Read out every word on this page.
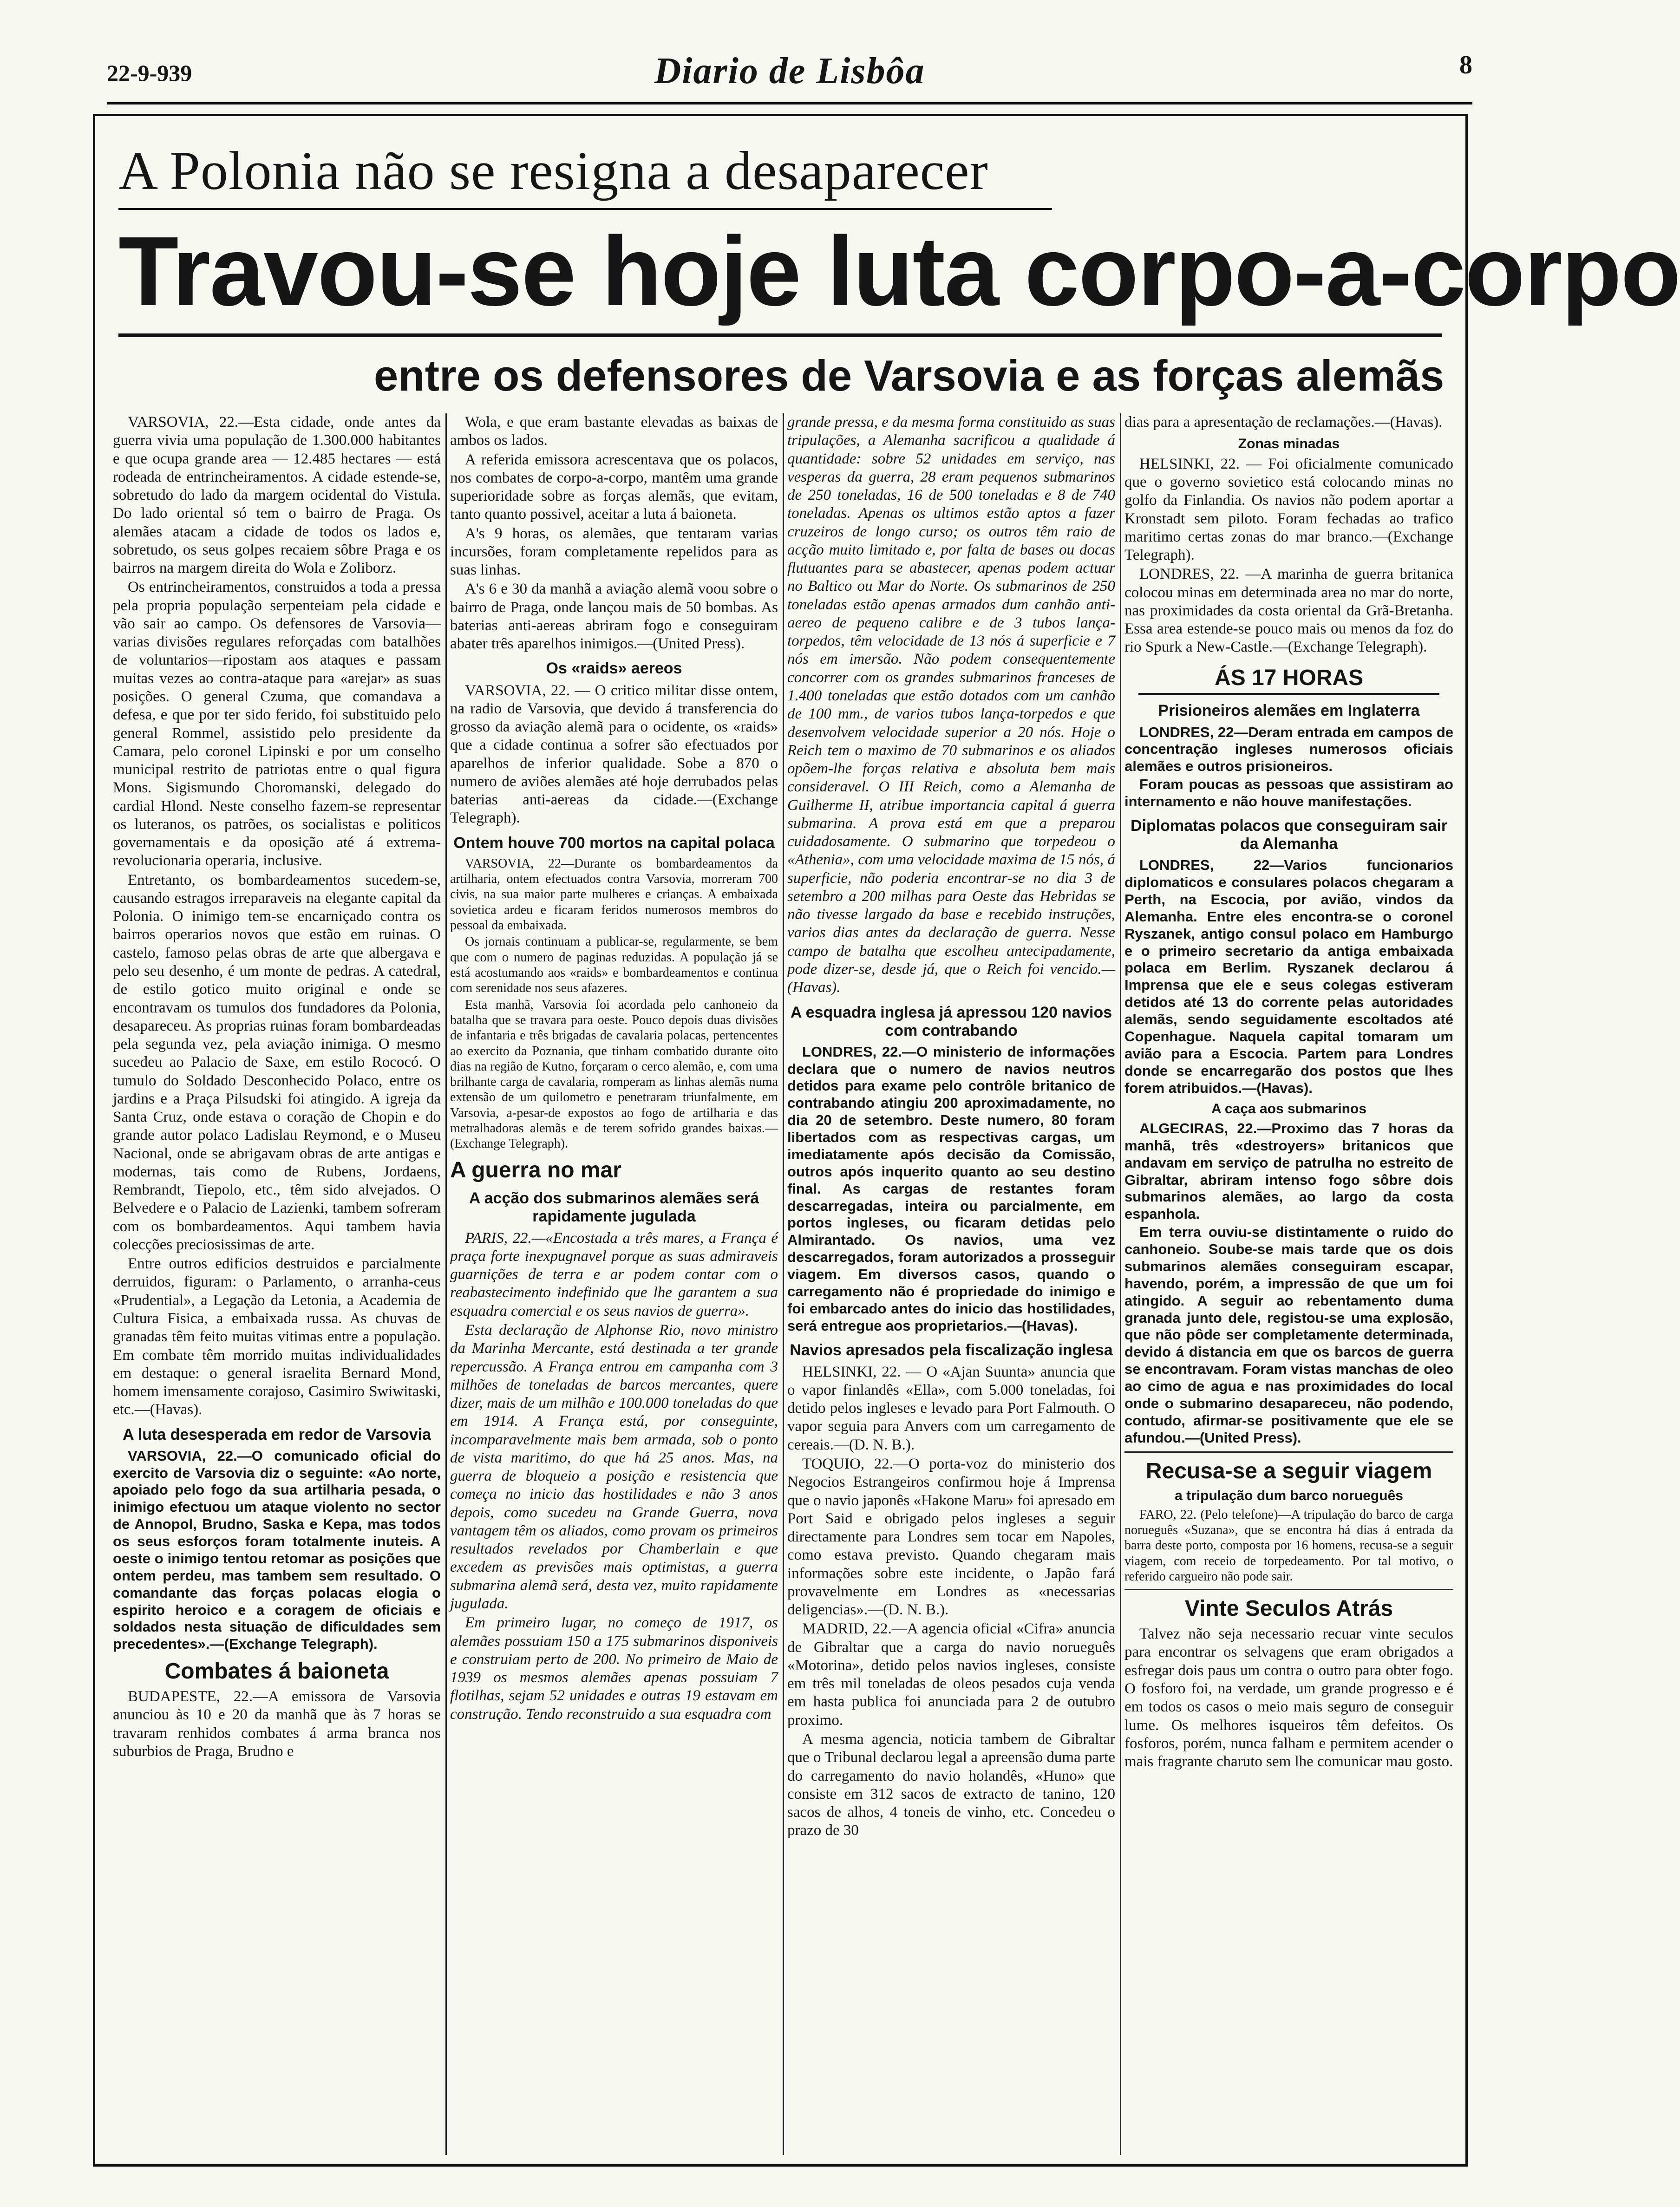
22-9-939	Diario de Lisbôa	8
A Polonia não se resigna a desaparecer
Travou-se hoje luta corpo-a-corpo
entre os defensores de Varsovia e as forças alemãs

VARSOVIA, 22.—Esta cidade, onde antes da guerra vivia uma população de 1.300.000 habitantes e que ocupa grande area — 12.485 hectares — está rodeada de entrincheiramentos. A cidade estende-se, sobretudo do lado da margem ocidental do Vistula. Do lado oriental só tem o bairro de Praga. Os alemães atacam a cidade de todos os lados e, sobretudo, os seus golpes recaiem sôbre Praga e os bairros na margem direita do Wola e Zoliborz.

Os entrincheiramentos, construidos a toda a pressa pela propria população serpenteiam pela cidade e vão sair ao campo. Os defensores de Varsovia—varias divisões regulares reforçadas com batalhões de voluntarios—ripostam aos ataques e passam muitas vezes ao contra-ataque para «arejar» as suas posições. O general Czuma, que comandava a defesa, e que por ter sido ferido, foi substituido pelo general Rommel, assistido pelo presidente da Camara, pelo coronel Lipinski e por um conselho municipal restrito de patriotas entre o qual figura Mons. Sigismundo Choromanski, delegado do cardial Hlond. Neste conselho fazem-se representar os luteranos, os patrões, os socialistas e politicos governamentais e da oposição até á extrema-revolucionaria operaria, inclusive.

Entretanto, os bombardeamentos sucedem-se, causando estragos irreparaveis na elegante capital da Polonia. O inimigo tem-se encarniçado contra os bairros operarios novos que estão em ruinas. O castelo, famoso pelas obras de arte que albergava e pelo seu desenho, é um monte de pedras. A catedral, de estilo gotico muito original e onde se encontravam os tumulos dos fundadores da Polonia, desapareceu. As proprias ruinas foram bombardeadas pela segunda vez, pela aviação inimiga. O mesmo sucedeu ao Palacio de Saxe, em estilo Rococó. O tumulo do Soldado Desconhecido Polaco, entre os jardins e a Praça Pilsudski foi atingido. A igreja da Santa Cruz, onde estava o coração de Chopin e do grande autor polaco Ladislau Reymond, e o Museu Nacional, onde se abrigavam obras de arte antigas e modernas, tais como de Rubens, Jordaens, Rembrandt, Tiepolo, etc., têm sido alvejados. O Belvedere e o Palacio de Lazienki, tambem sofreram com os bombardeamentos. Aqui tambem havia colecções preciosissimas de arte.

Entre outros edificios destruidos e parcialmente derruidos, figuram: o Parlamento, o arranha-ceus «Prudential», a Legação da Letonia, a Academia de Cultura Fisica, a embaixada russa. As chuvas de granadas têm feito muitas vitimas entre a população. Em combate têm morrido muitas individualidades em destaque: o general israelita Bernard Mond, homem imensamente corajoso, Casimiro Swiwitaski, etc.—(Havas).

A luta desesperada em redor de Varsovia

VARSOVIA, 22.—O comunicado oficial do exercito de Varsovia diz o seguinte: «Ao norte, apoiado pelo fogo da sua artilharia pesada, o inimigo efectuou um ataque violento no sector de Annopol, Brudno, Saska e Kepa, mas todos os seus esforços foram totalmente inuteis. A oeste o inimigo tentou retomar as posições que ontem perdeu, mas tambem sem resultado. O comandante das forças polacas elogia o espirito heroico e a coragem de oficiais e soldados nesta situação de dificuldades sem precedentes».—(Exchange Telegraph).

Combates á baioneta

BUDAPESTE, 22.—A emissora de Varsovia anunciou às 10 e 20 da manhã que às 7 horas se travaram renhidos combates á arma branca nos suburbios de Praga, Brudno e

Wola, e que eram bastante elevadas as baixas de ambos os lados.

A referida emissora acrescentava que os polacos, nos combates de corpo-a-corpo, mantêm uma grande superioridade sobre as forças alemãs, que evitam, tanto quanto possivel, aceitar a luta á baioneta.

A's 9 horas, os alemães, que tentaram varias incursões, foram completamente repelidos para as suas linhas.

A's 6 e 30 da manhã a aviação alemã voou sobre o bairro de Praga, onde lançou mais de 50 bombas. As baterias anti-aereas abriram fogo e conseguiram abater três aparelhos inimigos.—(United Press).

Os «raids» aereos

VARSOVIA, 22. — O critico militar disse ontem, na radio de Varsovia, que devido á transferencia do grosso da aviação alemã para o ocidente, os «raids» que a cidade continua a sofrer são efectuados por aparelhos de inferior qualidade. Sobe a 870 o numero de aviões alemães até hoje derrubados pelas baterias anti-aereas da cidade.—(Exchange Telegraph).

Ontem houve 700 mortos na capital polaca

VARSOVIA, 22—Durante os bombardeamentos da artilharia, ontem efectuados contra Varsovia, morreram 700 civis, na sua maior parte mulheres e crianças. A embaixada sovietica ardeu e ficaram feridos numerosos membros do pessoal da embaixada.

Os jornais continuam a publicar-se, regularmente, se bem que com o numero de paginas reduzidas. A população já se está acostumando aos «raids» e bombardeamentos e continua com serenidade nos seus afazeres.

Esta manhã, Varsovia foi acordada pelo canhoneio da batalha que se travara para oeste. Pouco depois duas divisões de infantaria e três brigadas de cavalaria polacas, pertencentes ao exercito da Poznania, que tinham combatido durante oito dias na região de Kutno, forçaram o cerco alemão, e, com uma brilhante carga de cavalaria, romperam as linhas alemãs numa extensão de um quilometro e penetraram triunfalmente, em Varsovia, a-pesar-de expostos ao fogo de artilharia e das metralhadoras alemãs e de terem sofrido grandes baixas.—(Exchange Telegraph).

A guerra no mar
A acção dos submarinos alemães será rapidamente jugulada

PARIS, 22.—«Encostada a três mares, a França é praça forte inexpugnavel porque as suas admiraveis guarnições de terra e ar podem contar com o reabastecimento indefinido que lhe garantem a sua esquadra comercial e os seus navios de guerra».

Esta declaração de Alphonse Rio, novo ministro da Marinha Mercante, está destinada a ter grande repercussão. A França entrou em campanha com 3 milhões de toneladas de barcos mercantes, quere dizer, mais de um milhão e 100.000 toneladas do que em 1914. A França está, por conseguinte, incomparavelmente mais bem armada, sob o ponto de vista maritimo, do que há 25 anos. Mas, na guerra de bloqueio a posição e resistencia que começa no inicio das hostilidades e não 3 anos depois, como sucedeu na Grande Guerra, nova vantagem têm os aliados, como provam os primeiros resultados revelados por Chamberlain e que excedem as previsões mais optimistas, a guerra submarina alemã será, desta vez, muito rapidamente jugulada.

Em primeiro lugar, no começo de 1917, os alemães possuiam 150 a 175 submarinos disponiveis e construiam perto de 200. No primeiro de Maio de 1939 os mesmos alemães apenas possuiam 7 flotilhas, sejam 52 unidades e outras 19 estavam em construção. Tendo reconstruido a sua esquadra com

grande pressa, e da mesma forma constituido as suas tripulações, a Alemanha sacrificou a qualidade á quantidade: sobre 52 unidades em serviço, nas vesperas da guerra, 28 eram pequenos submarinos de 250 toneladas, 16 de 500 toneladas e 8 de 740 toneladas. Apenas os ultimos estão aptos a fazer cruzeiros de longo curso; os outros têm raio de acção muito limitado e, por falta de bases ou docas flutuantes para se abastecer, apenas podem actuar no Baltico ou Mar do Norte. Os submarinos de 250 toneladas estão apenas armados dum canhão anti-aereo de pequeno calibre e de 3 tubos lança-torpedos, têm velocidade de 13 nós á superficie e 7 nós em imersão. Não podem consequentemente concorrer com os grandes submarinos franceses de 1.400 toneladas que estão dotados com um canhão de 100 mm., de varios tubos lança-torpedos e que desenvolvem velocidade superior a 20 nós. Hoje o Reich tem o maximo de 70 submarinos e os aliados opõem-lhe forças relativa e absoluta bem mais consideravel. O III Reich, como a Alemanha de Guilherme II, atribue importancia capital á guerra submarina. A prova está em que a preparou cuidadosamente. O submarino que torpedeou o «Athenia», com uma velocidade maxima de 15 nós, á superficie, não poderia encontrar-se no dia 3 de setembro a 200 milhas para Oeste das Hebridas se não tivesse largado da base e recebido instruções, varios dias antes da declaração de guerra. Nesse campo de batalha que escolheu antecipadamente, pode dizer-se, desde já, que o Reich foi vencido.—(Havas).

A esquadra inglesa já apressou 120 navios com contrabando

LONDRES, 22.—O ministerio de informações declara que o numero de navios neutros detidos para exame pelo contrôle britanico de contrabando atingiu 200 aproximadamente, no dia 20 de setembro. Deste numero, 80 foram libertados com as respectivas cargas, um imediatamente após decisão da Comissão, outros após inquerito quanto ao seu destino final. As cargas de restantes foram descarregadas, inteira ou parcialmente, em portos ingleses, ou ficaram detidas pelo Almirantado. Os navios, uma vez descarregados, foram autorizados a prosseguir viagem. Em diversos casos, quando o carregamento não é propriedade do inimigo e foi embarcado antes do inicio das hostilidades, será entregue aos proprietarios.—(Havas).

Navios apresados pela fiscalização inglesa

HELSINKI, 22. — O «Ajan Suunta» anuncia que o vapor finlandês «Ella», com 5.000 toneladas, foi detido pelos ingleses e levado para Port Falmouth. O vapor seguia para Anvers com um carregamento de cereais.—(D. N. B.).

TOQUIO, 22.—O porta-voz do ministerio dos Negocios Estrangeiros confirmou hoje á Imprensa que o navio japonês «Hakone Maru» foi apresado em Port Said e obrigado pelos ingleses a seguir directamente para Londres sem tocar em Napoles, como estava previsto. Quando chegaram mais informações sobre este incidente, o Japão fará provavelmente em Londres as «necessarias deligencias».—(D. N. B.).

MADRID, 22.—A agencia oficial «Cifra» anuncia de Gibraltar que a carga do navio norueguês «Motorina», detido pelos navios ingleses, consiste em três mil toneladas de oleos pesados cuja venda em hasta publica foi anunciada para 2 de outubro proximo.

A mesma agencia, noticia tambem de Gibraltar que o Tribunal declarou legal a apreensão duma parte do carregamento do navio holandês, «Huno» que consiste em 312 sacos de extracto de tanino, 120 sacos de alhos, 4 toneis de vinho, etc. Concedeu o prazo de 30

dias para a apresentação de reclamações.—(Havas).

Zonas minadas

HELSINKI, 22. — Foi oficialmente comunicado que o governo sovietico está colocando minas no golfo da Finlandia. Os navios não podem aportar a Kronstadt sem piloto. Foram fechadas ao trafico maritimo certas zonas do mar branco.—(Exchange Telegraph).

LONDRES, 22. —A marinha de guerra britanica colocou minas em determinada area no mar do norte, nas proximidades da costa oriental da Grã-Bretanha. Essa area estende-se pouco mais ou menos da foz do rio Spurk a New-Castle.—(Exchange Telegraph).

ÁS 17 HORAS
Prisioneiros alemães em Inglaterra

LONDRES, 22—Deram entrada em campos de concentração ingleses numerosos oficiais alemães e outros prisioneiros.

Foram poucas as pessoas que assistiram ao internamento e não houve manifestações.

Diplomatas polacos que conseguiram sair da Alemanha

LONDRES, 22—Varios funcionarios diplomaticos e consulares polacos chegaram a Perth, na Escocia, por avião, vindos da Alemanha. Entre eles encontra-se o coronel Ryszanek, antigo consul polaco em Hamburgo e o primeiro secretario da antiga embaixada polaca em Berlim. Ryszanek declarou á Imprensa que ele e seus colegas estiveram detidos até 13 do corrente pelas autoridades alemãs, sendo seguidamente escoltados até Copenhague. Naquela capital tomaram um avião para a Escocia. Partem para Londres donde se encarregarão dos postos que lhes forem atribuidos.—(Havas).

A caça aos submarinos

ALGECIRAS, 22.—Proximo das 7 horas da manhã, três «destroyers» britanicos que andavam em serviço de patrulha no estreito de Gibraltar, abriram intenso fogo sôbre dois submarinos alemães, ao largo da costa espanhola.

Em terra ouviu-se distintamente o ruido do canhoneio. Soube-se mais tarde que os dois submarinos alemães conseguiram escapar, havendo, porém, a impressão de que um foi atingido. A seguir ao rebentamento duma granada junto dele, registou-se uma explosão, que não pôde ser completamente determinada, devido á distancia em que os barcos de guerra se encontravam. Foram vistas manchas de oleo ao cimo de agua e nas proximidades do local onde o submarino desapareceu, não podendo, contudo, afirmar-se positivamente que ele se afundou.—(United Press).

Recusa-se a seguir viagem
a tripulação dum barco norueguês

FARO, 22. (Pelo telefone)—A tripulação do barco de carga norueguês «Suzana», que se encontra há dias á entrada da barra deste porto, composta por 16 homens, recusa-se a seguir viagem, com receio de torpedeamento. Por tal motivo, o referido cargueiro não pode sair.

Vinte Seculos Atrás

Talvez não seja necessario recuar vinte seculos para encontrar os selvagens que eram obrigados a esfregar dois paus um contra o outro para obter fogo. O fosforo foi, na verdade, um grande progresso e é em todos os casos o meio mais seguro de conseguir lume. Os melhores isqueiros têm defeitos. Os fosforos, porém, nunca falham e permitem acender o mais fragrante charuto sem lhe comunicar mau gosto.
